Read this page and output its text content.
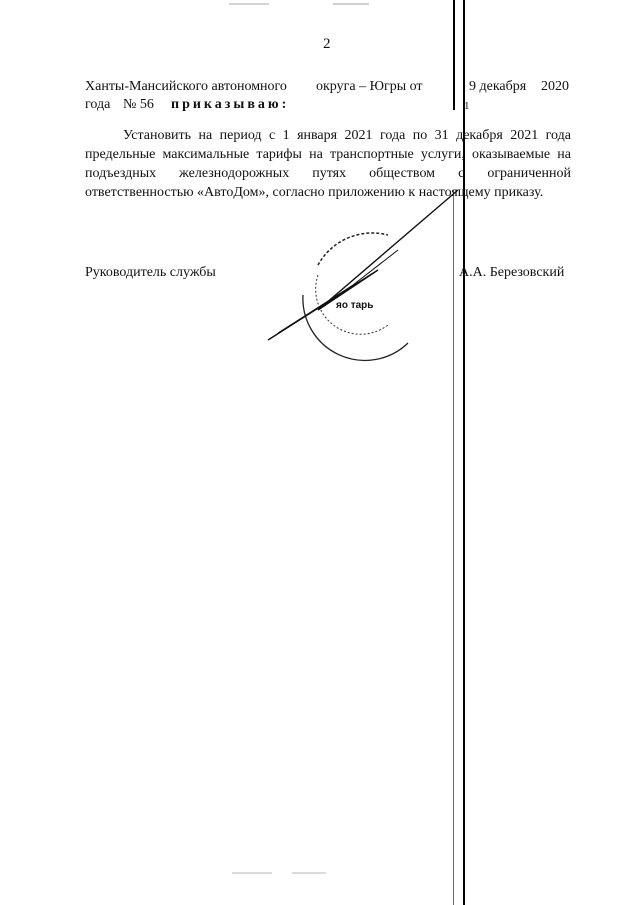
2
Ханты-Мансийского автономного округа – Югры от	9 декабря 2020
года № 56 приказываю:	1
Установить на период с 1 января 2021 года по 31 декабря 2021 года предельные максимальные тарифы на транспортные услуги, оказываемые на подъездных железнодорожных путях обществом с ограниченной ответственностью «АвтоДом», согласно приложению к настоящему приказу.
Руководитель службы	А.А. Березовский
яо тарь
